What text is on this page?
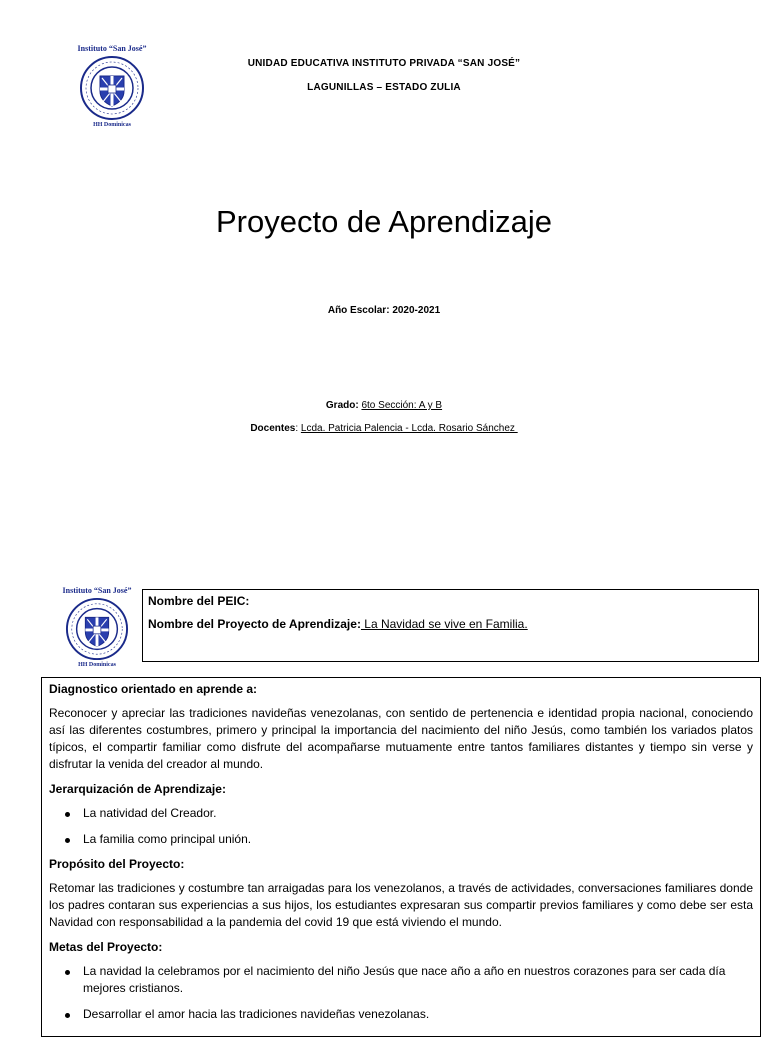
Instituto “San José”
HH Dominicas
UNIDAD EDUCATIVA INSTITUTO PRIVADA “SAN JOSÉ”
LAGUNILLAS – ESTADO ZULIA
Proyecto de Aprendizaje
Año Escolar: 2020-2021
Grado: 6to Sección: A y B
Docentes: Lcda. Patricia Palencia - Lcda. Rosario Sánchez
Instituto “San José”
HH Dominicas
Nombre del PEIC:
Nombre del Proyecto de Aprendizaje: La Navidad se vive en Familia.
Diagnostico orientado en aprende a:

Reconocer y apreciar las tradiciones navideñas venezolanas, con sentido de pertenencia e identidad propia nacional, conociendo así las diferentes costumbres, primero y principal la importancia del nacimiento del niño Jesús, como también los variados platos típicos, el compartir familiar como disfrute del acompañarse mutuamente entre tantos familiares distantes y tiempo sin verse y disfrutar la venida del creador al mundo.

Jerarquización de Aprendizaje:
La natividad del Creador.
La familia como principal unión.
Propósito del Proyecto:

Retomar las tradiciones y costumbre tan arraigadas para los venezolanos, a través de actividades, conversaciones familiares donde los padres contaran sus experiencias a sus hijos, los estudiantes expresaran sus compartir previos familiares y como debe ser esta Navidad con responsabilidad a la pandemia del covid 19 que está viviendo el mundo.

Metas del Proyecto:
La navidad la celebramos por el nacimiento del niño Jesús que nace año a año en nuestros corazones para ser cada día mejores cristianos.
Desarrollar el amor hacia las tradiciones navideñas venezolanas.
